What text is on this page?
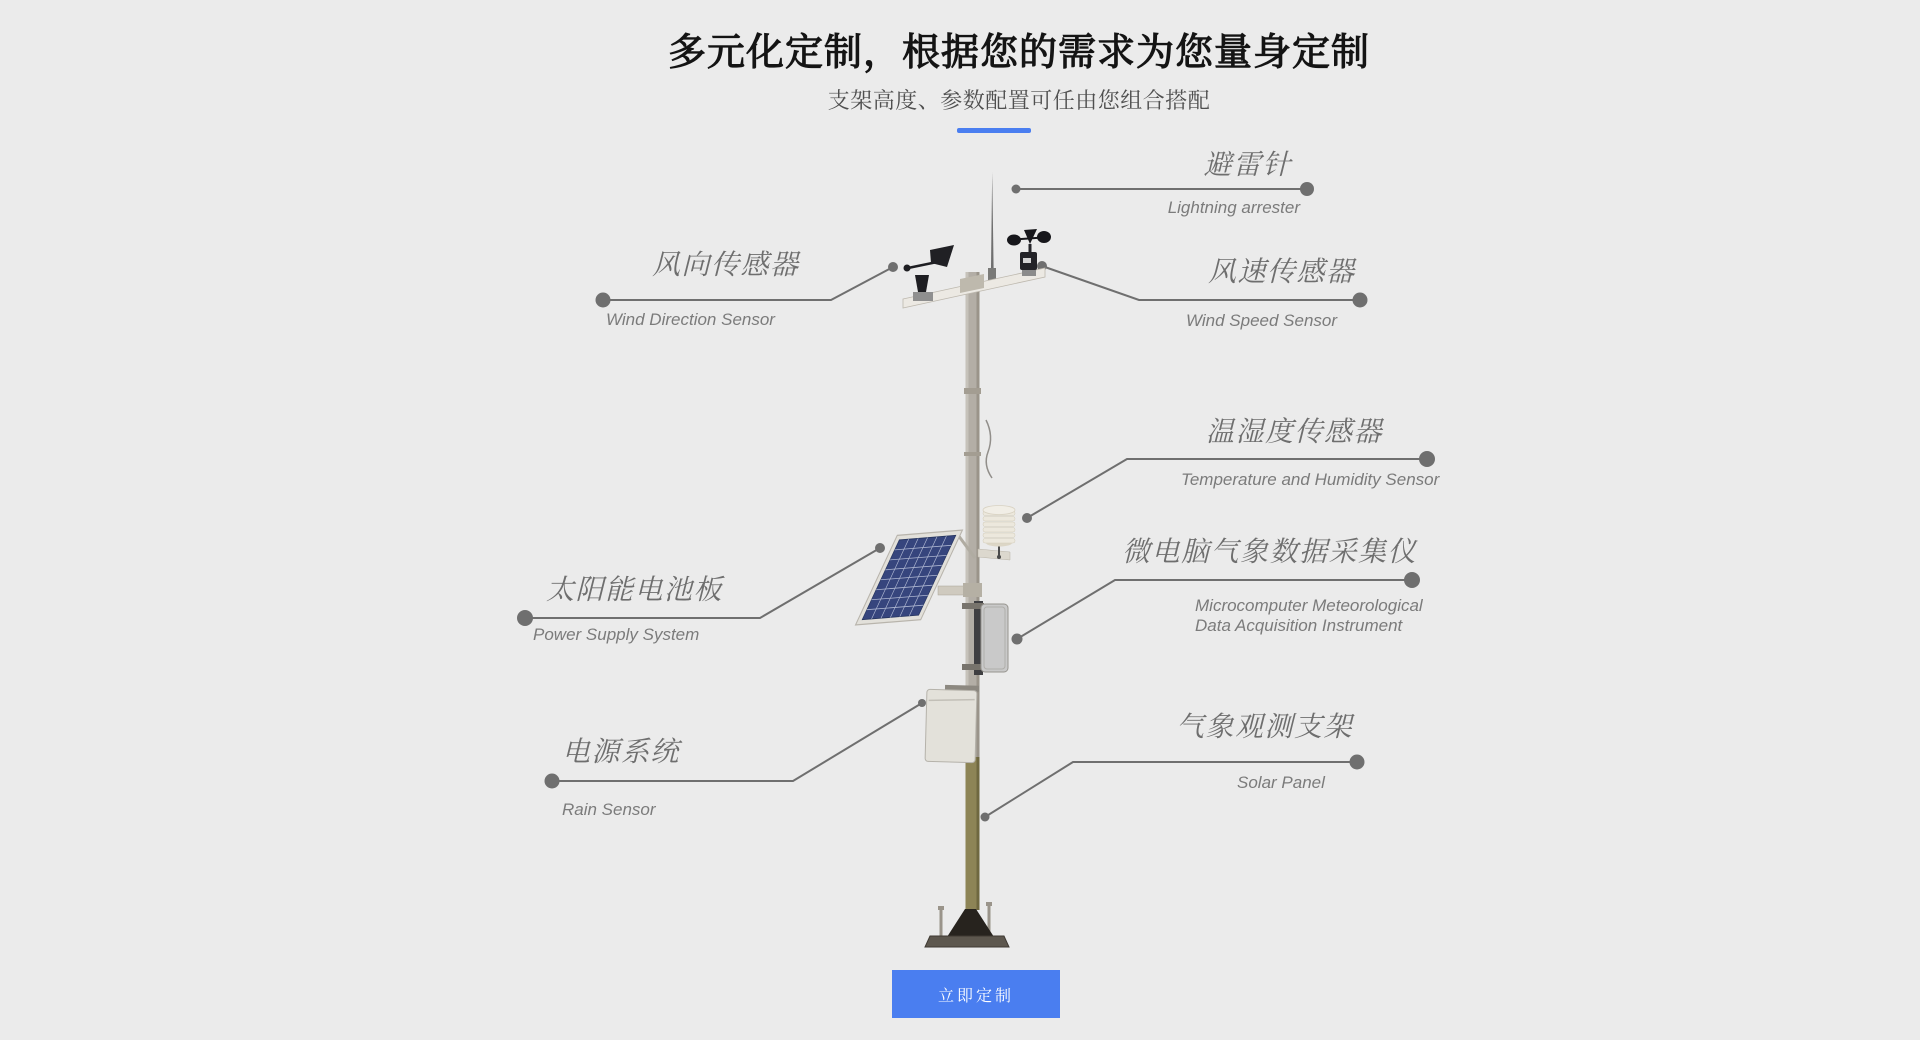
多元化定制，根据您的需求为您量身定制
支架高度、参数配置可任由您组合搭配
避雷针
Lightning arrester
风向传感器
Wind Direction Sensor
风速传感器
Wind Speed Sensor
温湿度传感器
Temperature and Humidity Sensor
太阳能电池板
Power Supply System
微电脑气象数据采集仪
Microcomputer Meteorological
Data Acquisition Instrument
电源系统
Rain Sensor
气象观测支架
Solar Panel
立即定制
